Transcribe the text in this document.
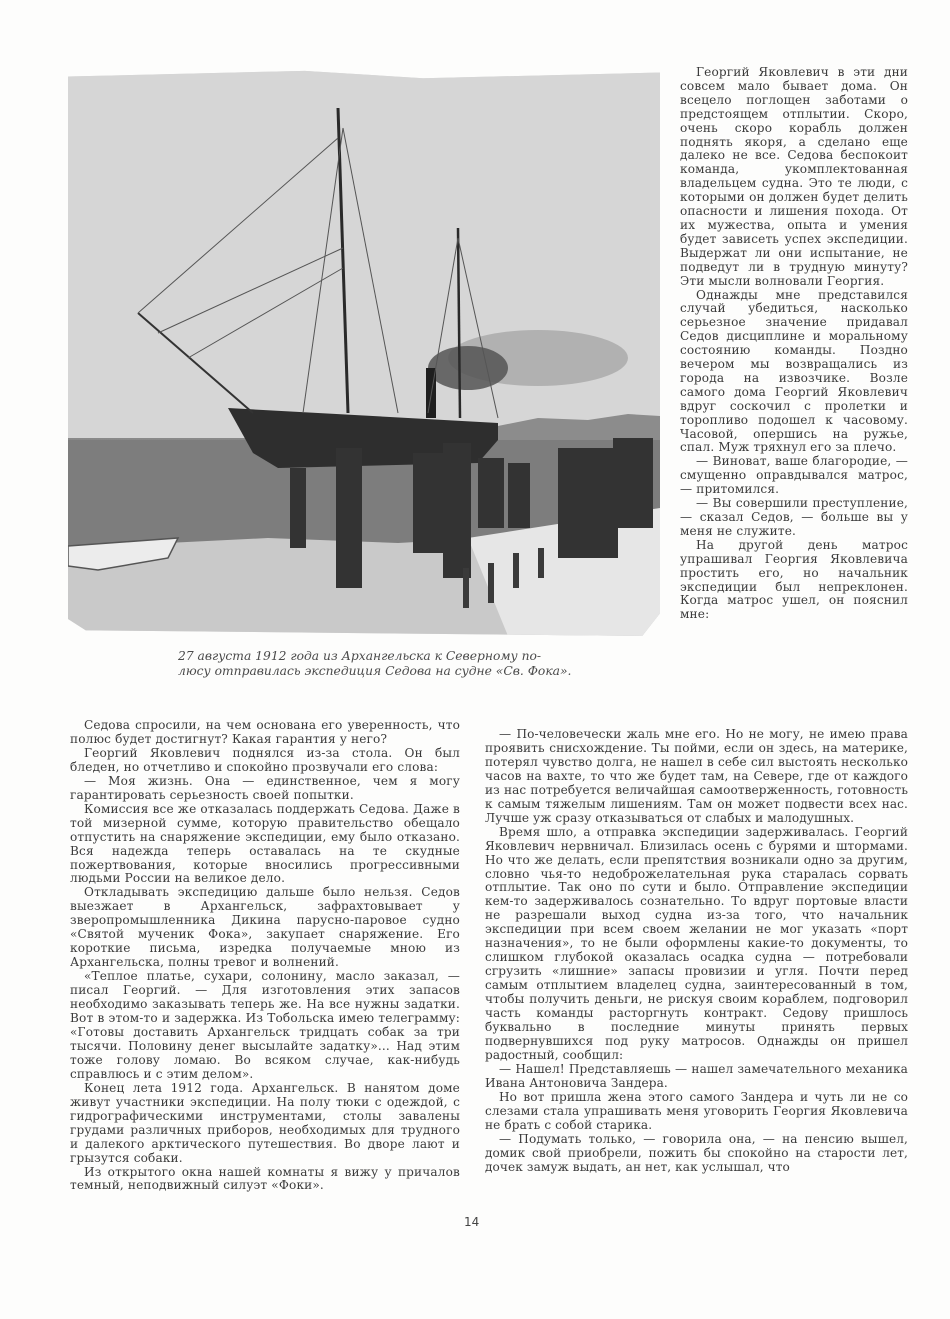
27 августа 1912 года из Архангельска к Северному по-

люсу отправилась экспедиция Седова на судне «Св. Фока».

Георгий Яковлевич в эти дни совсем мало бывает дома. Он всецело поглощен заботами о предстоящем отплытии. Скоро, очень скоро корабль должен поднять якоря, а сделано еще далеко не все. Седова беспокоит команда, укомплектованная владельцем судна. Это те люди, с которыми он должен будет делить опасности и лишения похода. От их мужества, опыта и умения будет зависеть успех экспедиции. Выдержат ли они испытание, не подведут ли в трудную минуту? Эти мысли волновали Георгия.

Однажды мне представился случай убедиться, насколько серьезное значение придавал Седов дисциплине и моральному состоянию команды. Поздно вечером мы возвращались из города на извозчике. Возле самого дома Георгий Яковлевич вдруг соскочил с пролетки и торопливо подошел к часовому. Часовой, опершись на ружье, спал. Муж тряхнул его за плечо.

— Виноват, ваше благородие, — смущенно оправдывался матрос, — притомился.

— Вы совершили преступление, — сказал Седов, — больше вы у меня не служите.

На другой день матрос упрашивал Георгия Яковлевича простить его, но начальник экспедиции был непреклонен. Когда матрос ушел, он пояснил мне:

Седова спросили, на чем основана его уверенность, что полюс будет достигнут? Какая гарантия у него?

Георгий Яковлевич поднялся из-за стола. Он был бледен, но отчетливо и спокойно прозвучали его слова:

— Моя жизнь. Она — единственное, чем я могу гарантировать серьезность своей попытки.

Комиссия все же отказалась поддержать Седова. Даже в той мизерной сумме, которую правительство обещало отпустить на снаряжение экспедиции, ему было отказано. Вся надежда теперь оставалась на те скудные пожертвования, которые вносились прогрессивными людьми России на великое дело.

Откладывать экспедицию дальше было нельзя. Седов выезжает в Архангельск, зафрахтовывает у зверопромышленника Дикина парусно-паровое судно «Святой мученик Фока», закупает снаряжение. Его короткие письма, изредка получаемые мною из Архангельска, полны тревог и волнений.

«Теплое платье, сухари, солонину, масло заказал, — писал Георгий. — Для изготовления этих запасов необходимо заказывать теперь же. На все нужны задатки. Вот в этом-то и задержка. Из Тобольска имею телеграмму: «Готовы доставить Архангельск тридцать собак за три тысячи. Половину денег высылайте задатку»... Над этим тоже голову ломаю. Во всяком случае, как-нибудь справлюсь и с этим делом».

Конец лета 1912 года. Архангельск. В нанятом доме живут участники экспедиции. На полу тюки с одеждой, с гидрографическими инструментами, столы завалены грудами различных приборов, необходимых для трудного и далекого арктического путешествия. Во дворе лают и грызутся собаки.

Из открытого окна нашей комнаты я вижу у причалов темный, неподвижный силуэт «Фоки».

— По-человечески жаль мне его. Но не могу, не имею права проявить снисхождение. Ты пойми, если он здесь, на материке, потерял чувство долга, не нашел в себе сил выстоять несколько часов на вахте, то что же будет там, на Севере, где от каждого из нас потребуется величайшая самоотверженность, готовность к самым тяжелым лишениям. Там он может подвести всех нас. Лучше уж сразу отказываться от слабых и малодушных.

Время шло, а отправка экспедиции задерживалась. Георгий Яковлевич нервничал. Близилась осень с бурями и штормами. Но что же делать, если препятствия возникали одно за другим, словно чья-то недоброжелательная рука старалась сорвать отплытие. Так оно по сути и было. Отправление экспедиции кем-то задерживалось сознательно. То вдруг портовые власти не разрешали выход судна из-за того, что начальник экспедиции при всем своем желании не мог указать «порт назначения», то не были оформлены какие-то документы, то слишком глубокой оказалась осадка судна — потребовали сгрузить «лишние» запасы провизии и угля. Почти перед самым отплытием владелец судна, заинтересованный в том, чтобы получить деньги, не рискуя своим кораблем, подговорил часть команды расторгнуть контракт. Седову пришлось буквально в последние минуты принять первых подвернувшихся под руку матросов. Однажды он пришел радостный, сообщил:

— Нашел! Представляешь — нашел замечательного механика Ивана Антоновича Зандера.

Но вот пришла жена этого самого Зандера и чуть ли не со слезами стала упрашивать меня уговорить Георгия Яковлевича не брать с собой старика.

— Подумать только, — говорила она, — на пенсию вышел, домик свой приобрели, пожить бы спокойно на старости лет, дочек замуж выдать, ан нет, как услышал, что

14
